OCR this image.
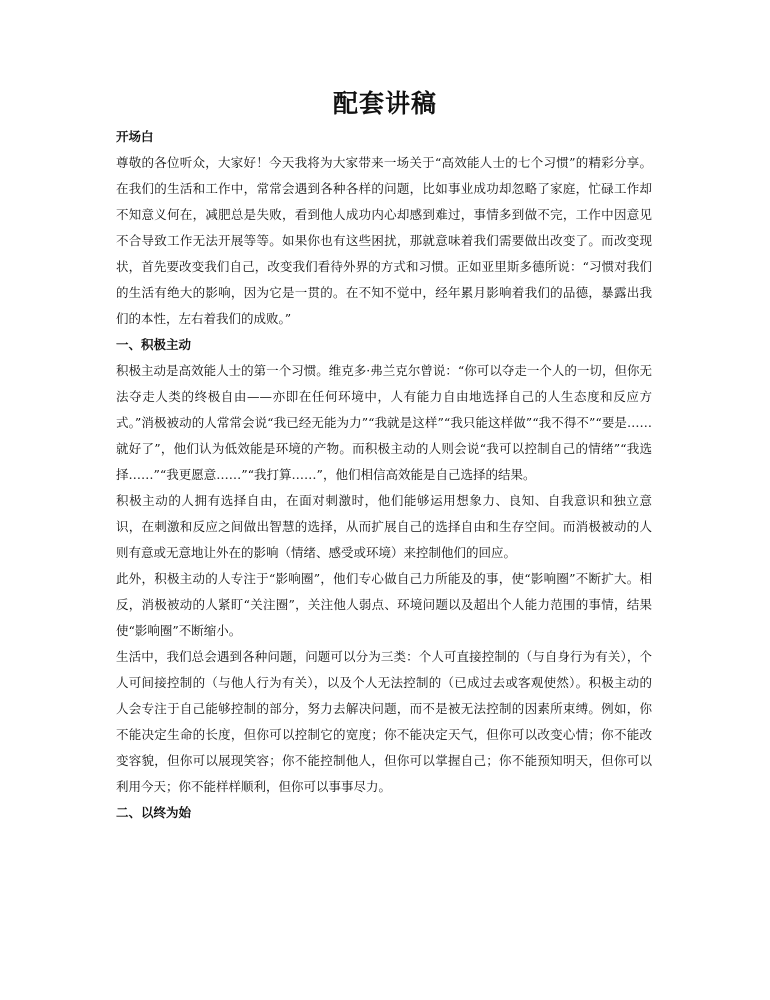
配套讲稿

开场白

尊敬的各位听众，大家好！今天我将为大家带来一场关于“高效能人士的七个习惯”的精彩分享。在我们的生活和工作中，常常会遇到各种各样的问题，比如事业成功却忽略了家庭，忙碌工作却不知意义何在，减肥总是失败，看到他人成功内心却感到难过，事情多到做不完，工作中因意见不合导致工作无法开展等等。如果你也有这些困扰，那就意味着我们需要做出改变了。而改变现状，首先要改变我们自己，改变我们看待外界的方式和习惯。正如亚里斯多德所说：“习惯对我们的生活有绝大的影响，因为它是一贯的。在不知不觉中，经年累月影响着我们的品德，暴露出我们的本性，左右着我们的成败。”

一、积极主动

积极主动是高效能人士的第一个习惯。维克多·弗兰克尔曾说：“你可以夺走一个人的一切，但你无法夺走人类的终极自由——亦即在任何环境中，人有能力自由地选择自己的人生态度和反应方式。”消极被动的人常常会说“我已经无能为力”“我就是这样”“我只能这样做”“我不得不”“要是……就好了”，他们认为低效能是环境的产物。而积极主动的人则会说“我可以控制自己的情绪”“我选择……”“我更愿意……”“我打算……”，他们相信高效能是自己选择的结果。

积极主动的人拥有选择自由，在面对刺激时，他们能够运用想象力、良知、自我意识和独立意识，在刺激和反应之间做出智慧的选择，从而扩展自己的选择自由和生存空间。而消极被动的人则有意或无意地让外在的影响（情绪、感受或环境）来控制他们的回应。

此外，积极主动的人专注于“影响圈”，他们专心做自己力所能及的事，使“影响圈”不断扩大。相反，消极被动的人紧盯“关注圈”，关注他人弱点、环境问题以及超出个人能力范围的事情，结果使“影响圈”不断缩小。

生活中，我们总会遇到各种问题，问题可以分为三类：个人可直接控制的（与自身行为有关），个人可间接控制的（与他人行为有关），以及个人无法控制的（已成过去或客观使然）。积极主动的人会专注于自己能够控制的部分，努力去解决问题，而不是被无法控制的因素所束缚。例如，你不能决定生命的长度，但你可以控制它的宽度；你不能决定天气，但你可以改变心情；你不能改变容貌，但你可以展现笑容；你不能控制他人，但你可以掌握自己；你不能预知明天，但你可以利用今天；你不能样样顺利，但你可以事事尽力。

二、以终为始
